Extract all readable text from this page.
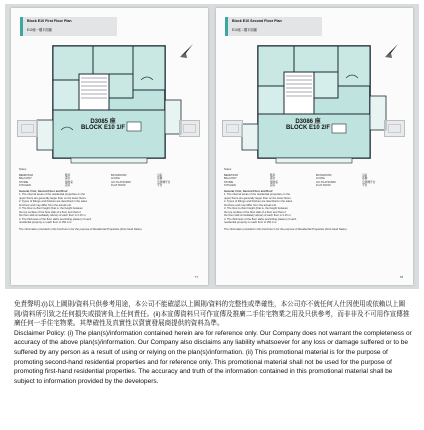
Block E10 First Floor Plan
E10座一樓平面圖
D3085 座
BLOCK E10 1/F
Notes:
BEDROOM	睡房	BATHROOM	浴室
BALCONY	露台	LIVING	客廳
STORE	儲物室	A/C PLATFORM	空調機平台
KITCHEN	廚房	FLAT ROOF	平台
General, First, Second Floor and Roof
1. The internal areas of the residential properties on the
upper floors are generally larger than on the lower floors.
2. Types of fittings and finishes are described in the sales
brochure and may differ from the actual unit.
3. The floor-to-floor height (that is, the height between
the top surface of the floor slab of a floor and that of
the floor slab immediately above) of each floor is 3.15 m.
4. The thickness of the floor slabs (excluding plaster) of each
residential property on each floor is 150 mm.
The information provided in this brochure is for the purpose of Residential Properties (First-hand Sales).
77
Block E10 Second Floor Plan
E10座二樓平面圖
D3086 座
BLOCK E10 2/F
Notes:
BEDROOM	睡房	BATHROOM	浴室
BALCONY	露台	LIVING	客廳
STORE	儲物室	A/C PLATFORM	空調機平台
KITCHEN	廚房	FLAT ROOF	平台
General, First, Second Floor and Roof
1. The internal areas of the residential properties on the
upper floors are generally larger than on the lower floors.
2. Types of fittings and finishes are described in the sales
brochure and may differ from the actual unit.
3. The floor-to-floor height (that is, the height between
the top surface of the floor slab of a floor and that of
the floor slab immediately above) of each floor is 3.15 m.
4. The thickness of the floor slabs (excluding plaster) of each
residential property on each floor is 150 mm.
The information provided in this brochure is for the purpose of Residential Properties (First-hand Sales).
78

免責聲明:(i)以上圖則/資料只供參考用途，本公司不能確認以上圖則/資料的完整性或準確性，本公司亦不就任何人仕因使用或依賴以上圖則/資料所引致之任何損失或損害負上任何責任。(ii)本宣傳資料只可作宣傳及推廣二手住宅物業之用及只供參考，而非非及不可用作宣傳推廣任何一手住宅物業。其準確性及真實性以賣實發展商提供的資料為準。

Disclaimer Policy: (i) The plan(s)/information contained herein are for reference only. Our Company does not warrant the completeness or accuracy of the above plan(s)/information. Our Company also disclaims any liability whatsoever for any loss or damage suffered or to be suffered by any person as a result of using or relying on the plan(s)/information. (ii) This promotional material is for the purpose of promoting second-hand residential properties and for reference only. This promotional material shall not be used for the purpose of promoting first-hand residential properties. The accuracy and truth of the information contained in this promotional material shall be subject to information provided by the developers.
